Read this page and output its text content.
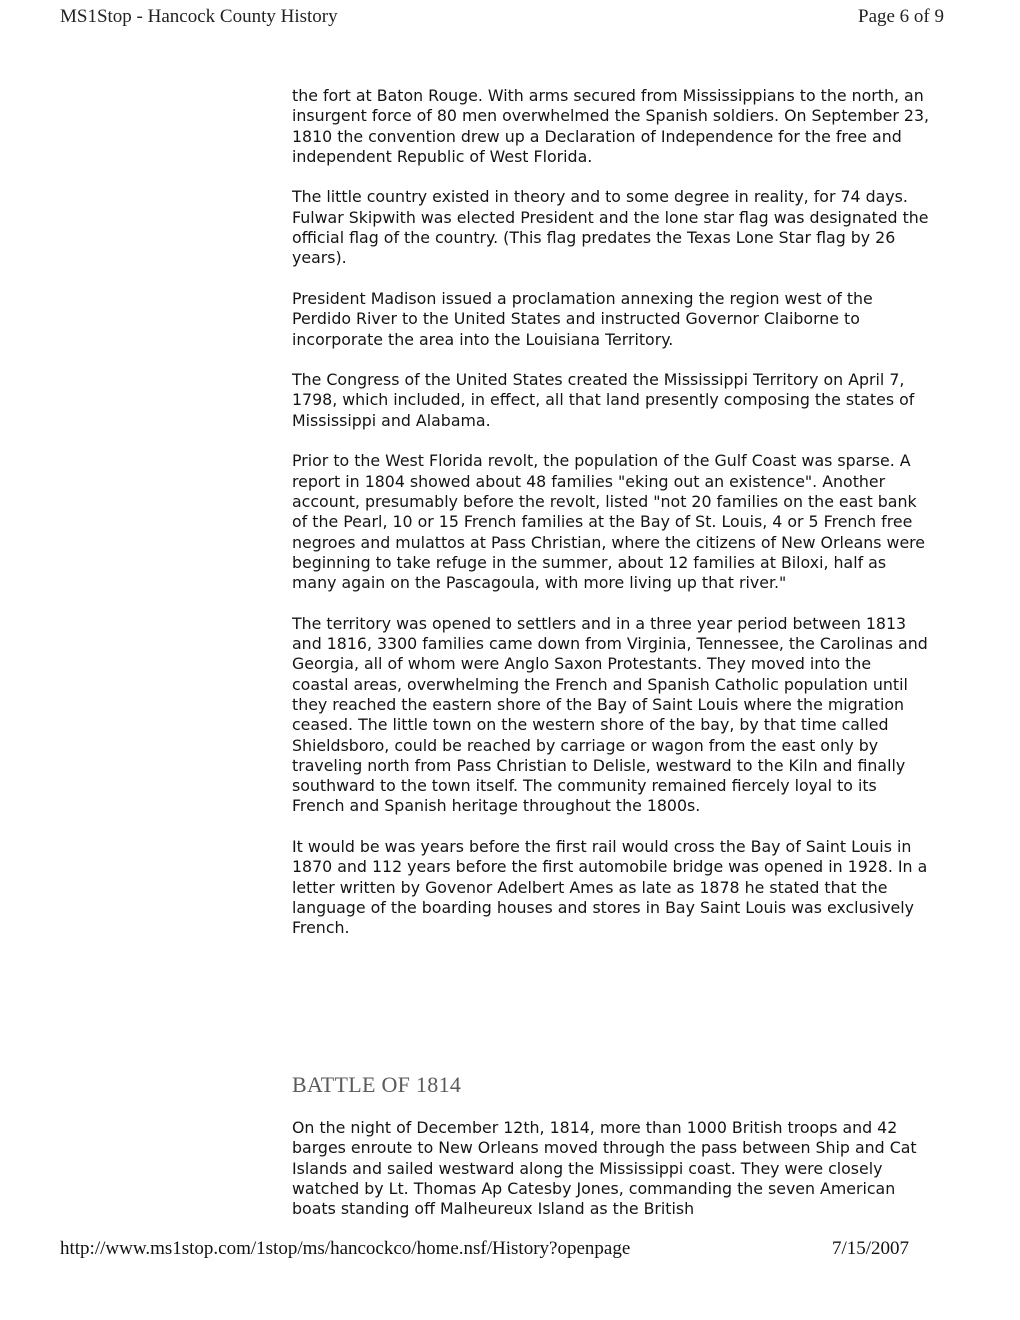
MS1Stop - Hancock County History	Page 6 of 9

the fort at Baton Rouge. With arms secured from Mississippians to the north, an insurgent force of 80 men overwhelmed the Spanish soldiers. On September 23, 1810 the convention drew up a Declaration of Independence for the free and independent Republic of West Florida.

The little country existed in theory and to some degree in reality, for 74 days. Fulwar Skipwith was elected President and the lone star flag was designated the official flag of the country. (This flag predates the Texas Lone Star flag by 26 years).

President Madison issued a proclamation annexing the region west of the Perdido River to the United States and instructed Governor Claiborne to incorporate the area into the Louisiana Territory.

The Congress of the United States created the Mississippi Territory on April 7, 1798, which included, in effect, all that land presently composing the states of Mississippi and Alabama.

Prior to the West Florida revolt, the population of the Gulf Coast was sparse. A report in 1804 showed about 48 families "eking out an existence". Another account, presumably before the revolt, listed "not 20 families on the east bank of the Pearl, 10 or 15 French families at the Bay of St. Louis, 4 or 5 French free negroes and mulattos at Pass Christian, where the citizens of New Orleans were beginning to take refuge in the summer, about 12 families at Biloxi, half as many again on the Pascagoula, with more living up that river."

The territory was opened to settlers and in a three year period between 1813 and 1816, 3300 families came down from Virginia, Tennessee, the Carolinas and Georgia, all of whom were Anglo Saxon Protestants. They moved into the coastal areas, overwhelming the French and Spanish Catholic population until they reached the eastern shore of the Bay of Saint Louis where the migration ceased. The little town on the western shore of the bay, by that time called Shieldsboro, could be reached by carriage or wagon from the east only by traveling north from Pass Christian to Delisle, westward to the Kiln and finally southward to the town itself. The community remained fiercely loyal to its French and Spanish heritage throughout the 1800s.

It would be was years before the first rail would cross the Bay of Saint Louis in 1870 and 112 years before the first automobile bridge was opened in 1928. In a letter written by Govenor Adelbert Ames as late as 1878 he stated that the language of the boarding houses and stores in Bay Saint Louis was exclusively French.

BATTLE OF 1814

On the night of December 12th, 1814, more than 1000 British troops and 42 barges enroute to New Orleans moved through the pass between Ship and Cat Islands and sailed westward along the Mississippi coast. They were closely watched by Lt. Thomas Ap Catesby Jones, commanding the seven American boats standing off Malheureux Island as the British

http://www.ms1stop.com/1stop/ms/hancockco/home.nsf/History?openpage	7/15/2007
